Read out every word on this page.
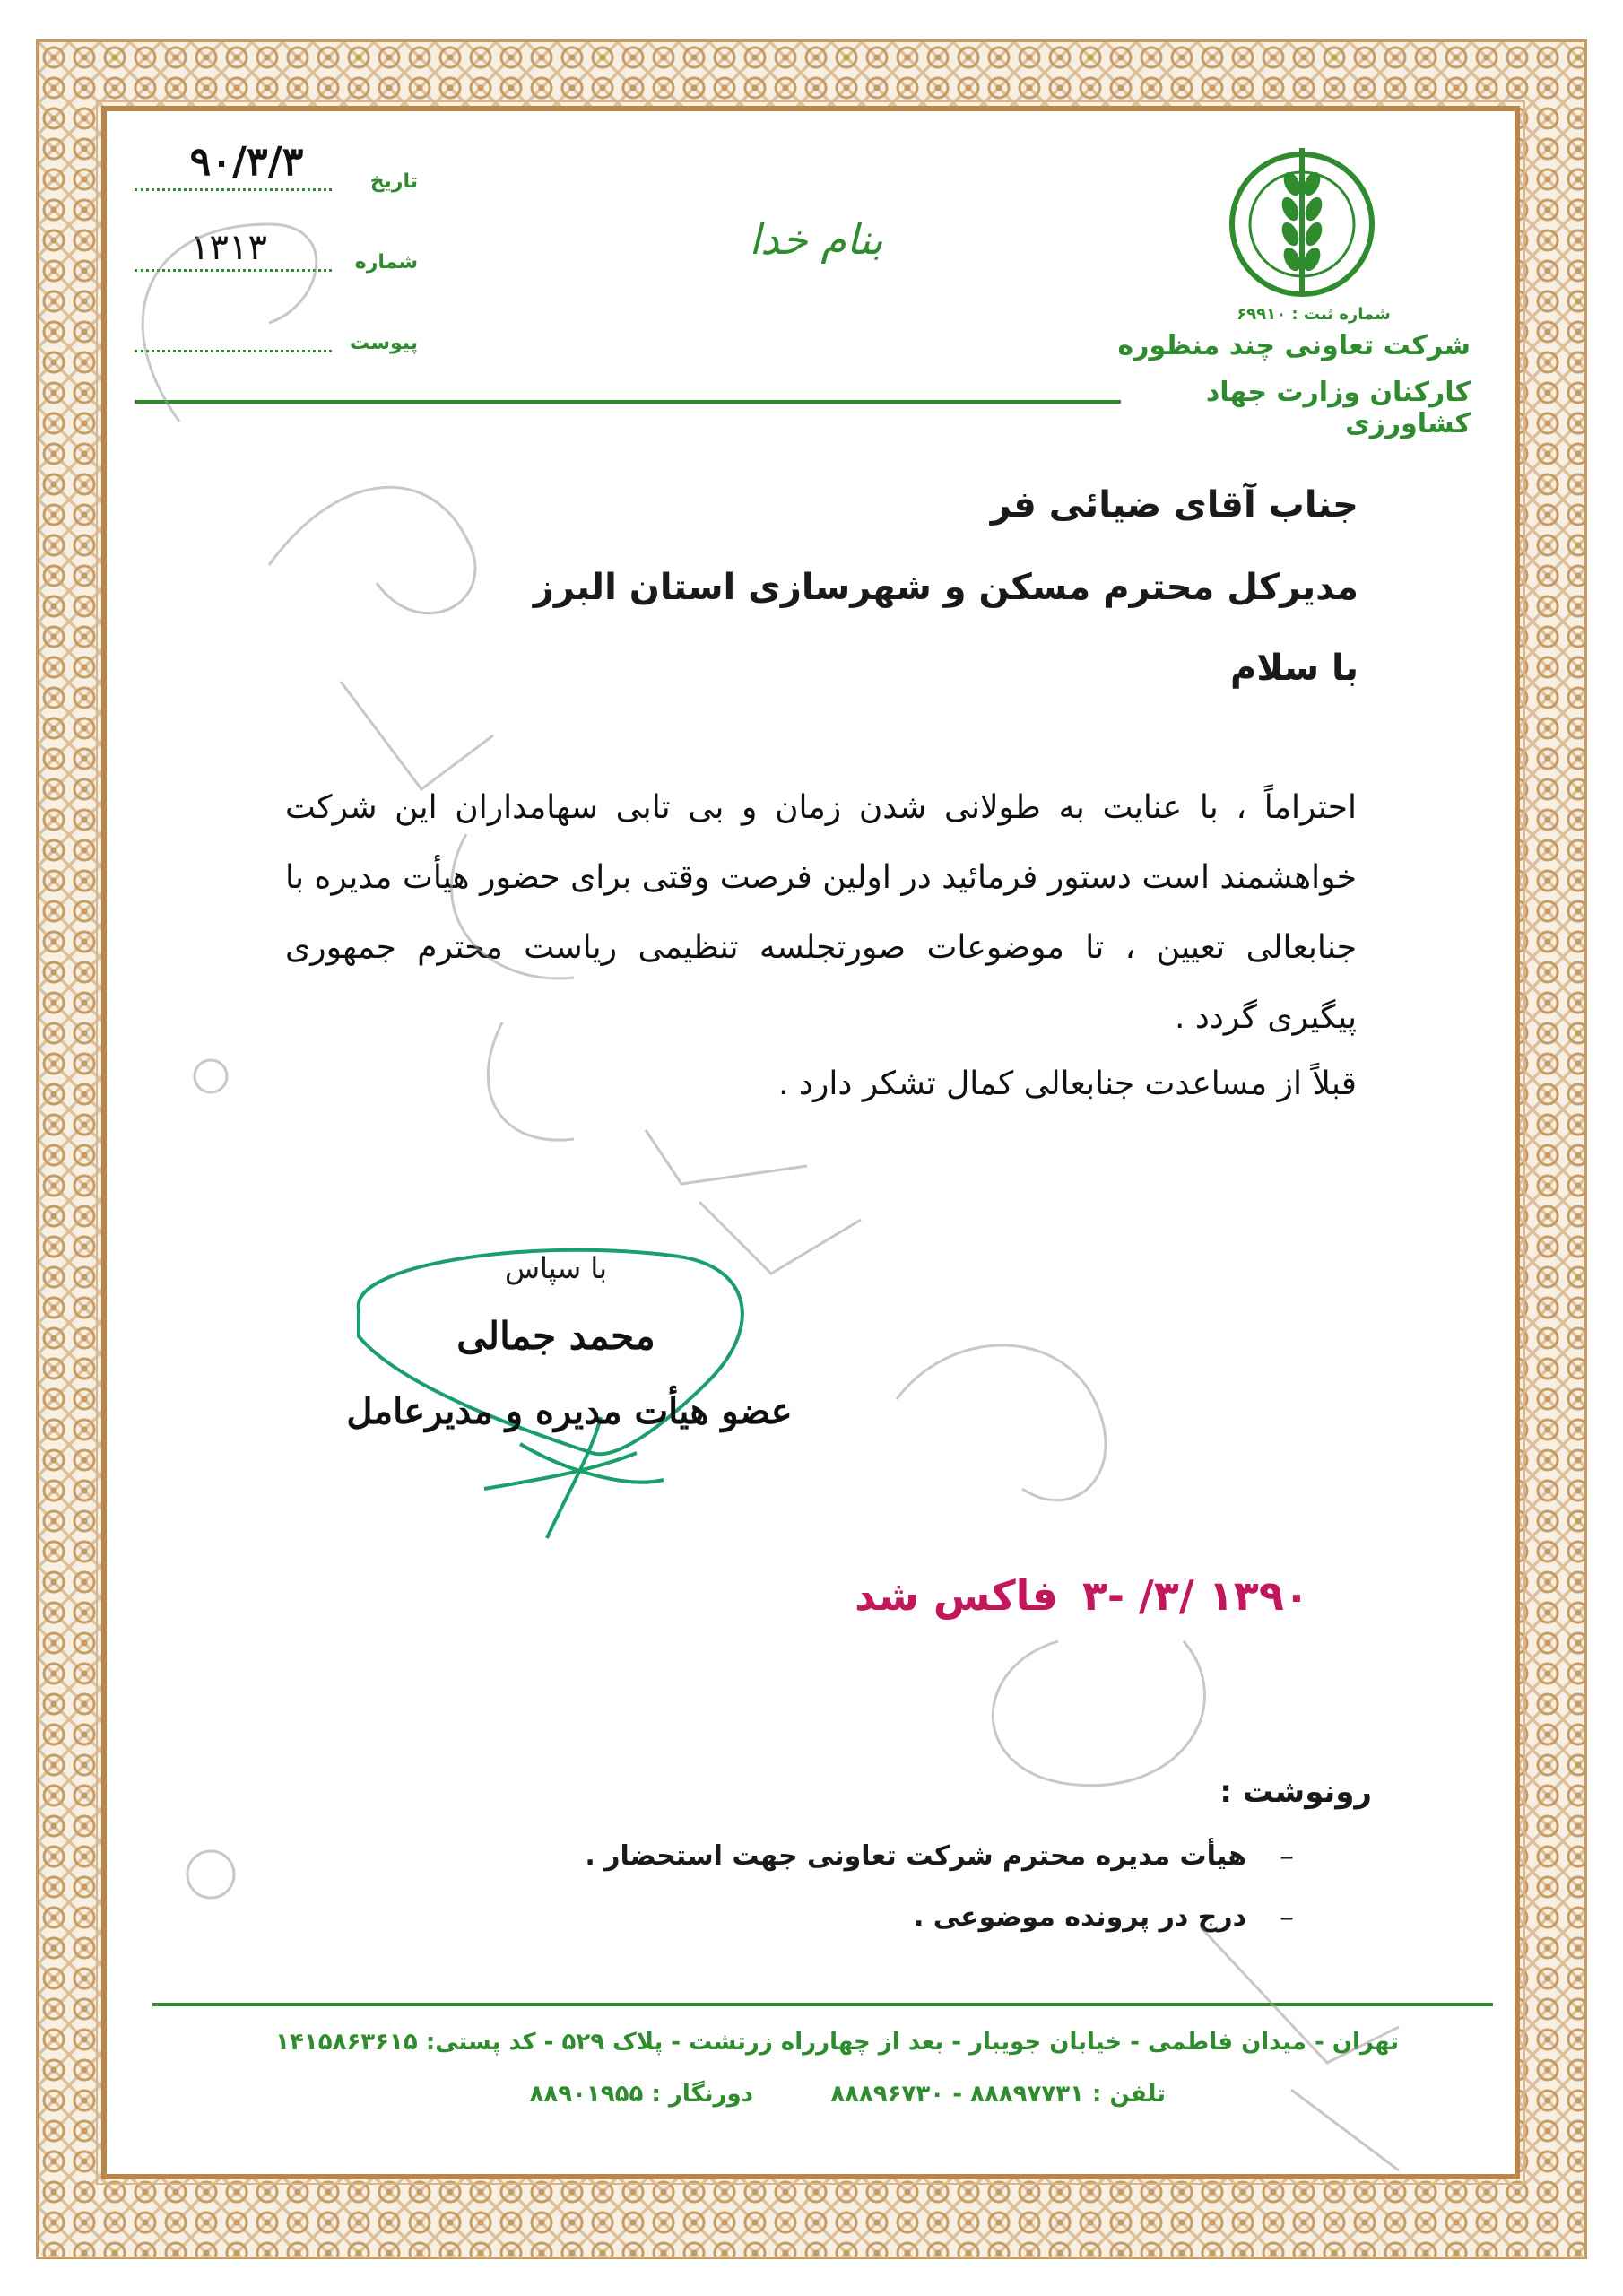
شماره ثبت : ۶۹۹۱۰
شرکت تعاونی چند منظوره
کارکنان وزارت جهاد کشاورزی
بنام خدا
تاریخ
۹۰/۳/۳
شماره
۱۳۱۳
پیوست
جناب آقای ضیائی فر
مدیرکل محترم مسکن و شهرسازی استان البرز
با سلام
احتراماً ، با عنایت به طولانی شدن زمان و بی تابی سهامداران این شرکت خواهشمند است دستور فرمائید در اولین فرصت وقتی برای حضور هیأت مدیره با جنابعالی تعیین ، تا موضوعات صورتجلسه تنظیمی ریاست محترم جمهوری پیگیری گردد .
قبلاً از مساعدت جنابعالی کمال تشکر دارد .
با سپاس
محمد جمالی
عضو هیأت مدیره و مدیرعامل
۳- /۳/ ۱۳۹۰
فاکس شد
رونوشت :
–
هیأت مدیره محترم شرکت تعاونی جهت استحضار .
–
درج در پرونده موضوعی .
تهران - میدان فاطمی - خیابان جویبار - بعد از چهارراه زرتشت - پلاک ۵۲۹ - کد پستی: ۱۴۱۵۸۶۳۶۱۵
تلفن : ۸۸۸۹۷۷۳۱ - ۸۸۸۹۶۷۳۰
دورنگار : ۸۸۹۰۱۹۵۵
